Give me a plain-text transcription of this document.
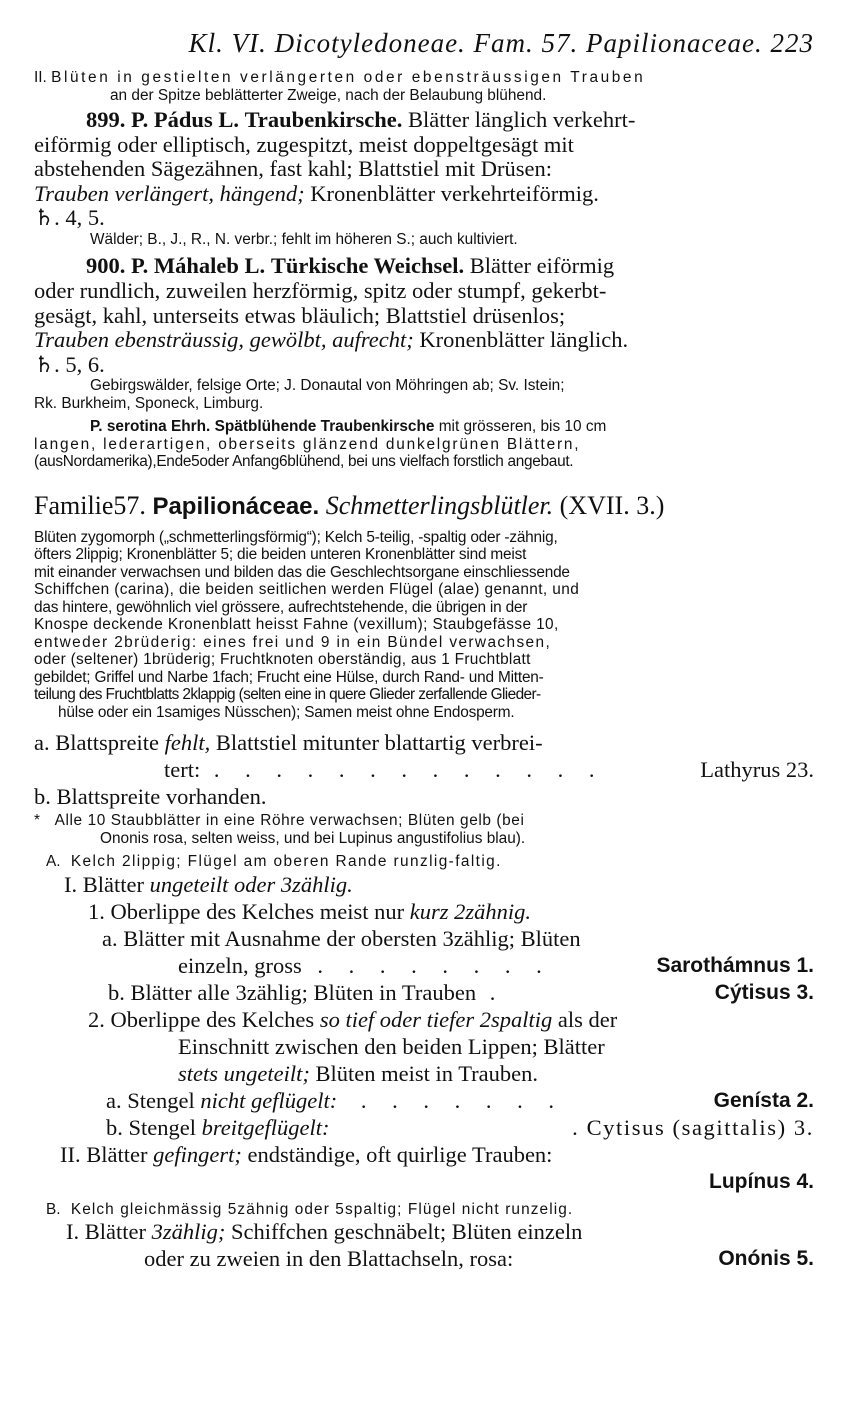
Kl. VI. Dicotyledoneae. Fam. 57. Papilionaceae. 223
II. Blüten in gestielten verlängerten oder ebensträussigen Trauben
an der Spitze beblätterter Zweige, nach der Belaubung blühend.
899. P. Pádus L. Traubenkirsche. Blätter länglich verkehrt-
eiförmig oder elliptisch, zugespitzt, meist doppeltgesägt mit
abstehenden Sägezähnen, fast kahl; Blattstiel mit Drüsen:
Trauben verlängert, hängend; Kronenblätter verkehrteiförmig.
♄. 4, 5.
Wälder; B., J., R., N. verbr.; fehlt im höheren S.; auch kultiviert.
900. P. Máhaleb L. Türkische Weichsel. Blätter eiförmig
oder rundlich, zuweilen herzförmig, spitz oder stumpf, gekerbt-
gesägt, kahl, unterseits etwas bläulich; Blattstiel drüsenlos;
Trauben ebensträussig, gewölbt, aufrecht; Kronenblätter länglich.
♄. 5, 6.
Gebirgswälder, felsige Orte; J. Donautal von Möhringen ab; Sv. Istein;
Rk. Burkheim, Sponeck, Limburg.
P. serotina Ehrh. Spätblühende Traubenkirsche mit grösseren, bis 10 cm
langen, lederartigen, oberseits glänzend dunkelgrünen Blättern,
(ausNordamerika),Ende5oder Anfang6blühend, bei uns vielfach forstlich angebaut.
Familie57. Papilionáceae. Schmetterlingsblütler. (XVII. 3.)
Blüten zygomorph („schmetterlingsförmig“); Kelch 5-teilig, -spaltig oder -zähnig,
öfters 2lippig; Kronenblätter 5; die beiden unteren Kronenblätter sind meist
mit einander verwachsen und bilden das die Geschlechtsorgane einschliessende
Schiffchen (carina), die beiden seitlichen werden Flügel (alae) genannt, und
das hintere, gewöhnlich viel grössere, aufrechtstehende, die übrigen in der
Knospe deckende Kronenblatt heisst Fahne (vexillum); Staubgefässe 10,
entweder 2brüderig: eines frei und 9 in ein Bündel verwachsen,
oder (seltener) 1brüderig; Fruchtknoten oberständig, aus 1 Fruchtblatt
gebildet; Griffel und Narbe 1fach; Frucht eine Hülse, durch Rand- und Mitten-
teilung des Fruchtblatts 2klappig (selten eine in quere Glieder zerfallende Glieder-
hülse oder ein 1samiges Nüsschen); Samen meist ohne Endosperm.
a. Blattspreite fehlt, Blattstiel mitunter blattartig verbrei-
tert: . . . . . . . . . . . . .	Lathyrus 23.
b. Blattspreite vorhanden.
* Alle 10 Staubblätter in eine Röhre verwachsen; Blüten gelb (bei
Ononis rosa, selten weiss, und bei Lupinus angustifolius blau).
A. Kelch 2lippig; Flügel am oberen Rande runzlig-faltig.
I. Blätter ungeteilt oder 3zählig.
1. Oberlippe des Kelches meist nur kurz 2zähnig.
a. Blätter mit Ausnahme der obersten 3zählig; Blüten
einzeln, gross . . . . . . . .	Sarothámnus 1.
b. Blätter alle 3zählig; Blüten in Trauben .	Cýtisus 3.
2. Oberlippe des Kelches so tief oder tiefer 2spaltig als der
Einschnitt zwischen den beiden Lippen; Blätter
stets ungeteilt; Blüten meist in Trauben.
a. Stengel nicht geflügelt: . . . . . . .	Genísta 2.
b. Stengel breitgeflügelt:	. Cytisus (sagittalis) 3.
II. Blätter gefingert; endständige, oft quirlige Trauben:
Lupínus 4.
B. Kelch gleichmässig 5zähnig oder 5spaltig; Flügel nicht runzelig.
I. Blätter 3zählig; Schiffchen geschnäbelt; Blüten einzeln
oder zu zweien in den Blattachseln, rosa:	Onónis 5.
